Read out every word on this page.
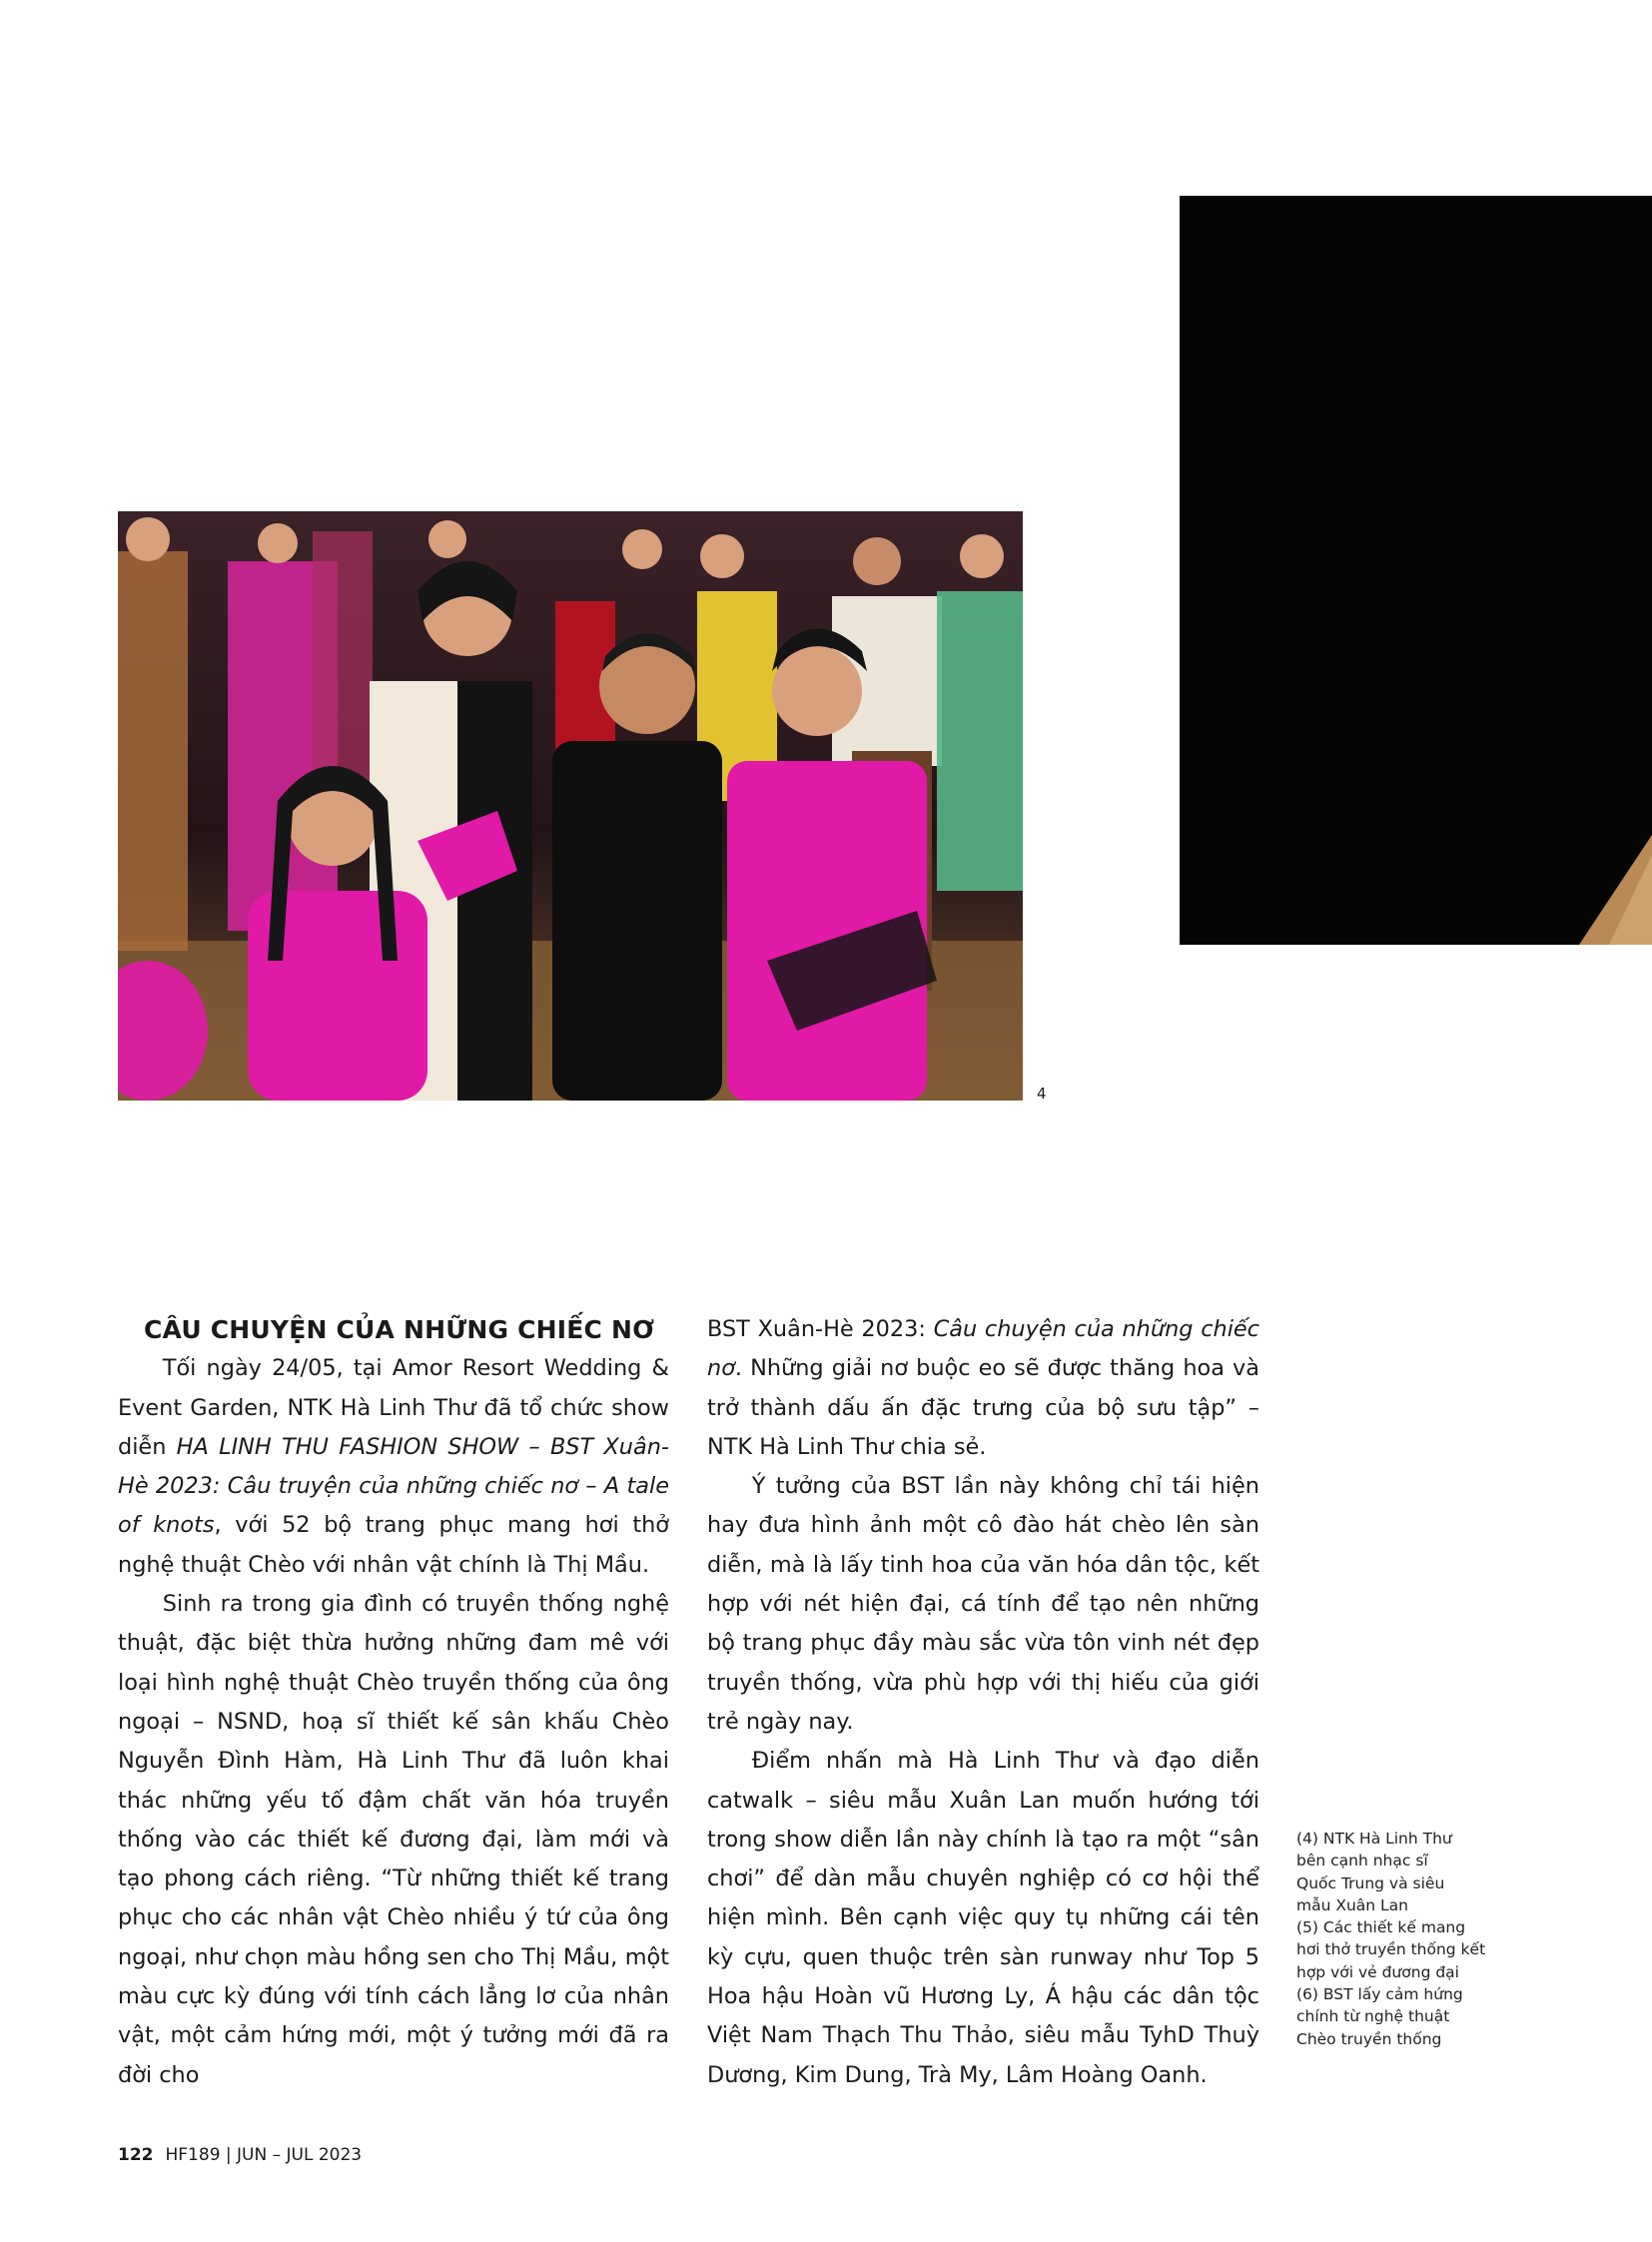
4

CÂU CHUYỆN CỦA NHỮNG CHIẾC NƠ

Tối ngày 24/05, tại Amor Resort Wedding & Event Garden, NTK Hà Linh Thư đã tổ chức show diễn HA LINH THU FASHION SHOW – BST Xuân-Hè 2023: Câu truyện của những chiếc nơ – A tale of knots, với 52 bộ trang phục mang hơi thở nghệ thuật Chèo với nhân vật chính là Thị Mầu.

Sinh ra trong gia đình có truyền thống nghệ thuật, đặc biệt thừa hưởng những đam mê với loại hình nghệ thuật Chèo truyền thống của ông ngoại – NSND, hoạ sĩ thiết kế sân khấu Chèo Nguyễn Đình Hàm, Hà Linh Thư đã luôn khai thác những yếu tố đậm chất văn hóa truyền thống vào các thiết kế đương đại, làm mới và tạo phong cách riêng. “Từ những thiết kế trang phục cho các nhân vật Chèo nhiều ý tứ của ông ngoại, như chọn màu hồng sen cho Thị Mầu, một màu cực kỳ đúng với tính cách lẳng lơ của nhân vật, một cảm hứng mới, một ý tưởng mới đã ra đời cho

BST Xuân-Hè 2023: Câu chuyện của những chiếc nơ. Những giải nơ buộc eo sẽ được thăng hoa và trở thành dấu ấn đặc trưng của bộ sưu tập” – NTK Hà Linh Thư chia sẻ.

Ý tưởng của BST lần này không chỉ tái hiện hay đưa hình ảnh một cô đào hát chèo lên sàn diễn, mà là lấy tinh hoa của văn hóa dân tộc, kết hợp với nét hiện đại, cá tính để tạo nên những bộ trang phục đầy màu sắc vừa tôn vinh nét đẹp truyền thống, vừa phù hợp với thị hiếu của giới trẻ ngày nay.

Điểm nhấn mà Hà Linh Thư và đạo diễn catwalk – siêu mẫu Xuân Lan muốn hướng tới trong show diễn lần này chính là tạo ra một “sân chơi” để dàn mẫu chuyên nghiệp có cơ hội thể hiện mình. Bên cạnh việc quy tụ những cái tên kỳ cựu, quen thuộc trên sàn runway như Top 5 Hoa hậu Hoàn vũ Hương Ly, Á hậu các dân tộc Việt Nam Thạch Thu Thảo, siêu mẫu TyhD Thuỳ Dương, Kim Dung, Trà My, Lâm Hoàng Oanh.

(4) NTK Hà Linh Thư
bên cạnh nhạc sĩ
Quốc Trung và siêu
mẫu Xuân Lan
(5) Các thiết kế mang
hơi thở truyền thống kết
hợp với vẻ đương đại
(6) BST lấy cảm hứng
chính từ nghệ thuật
Chèo truyền thống
122 HF189 | JUN – JUL 2023
